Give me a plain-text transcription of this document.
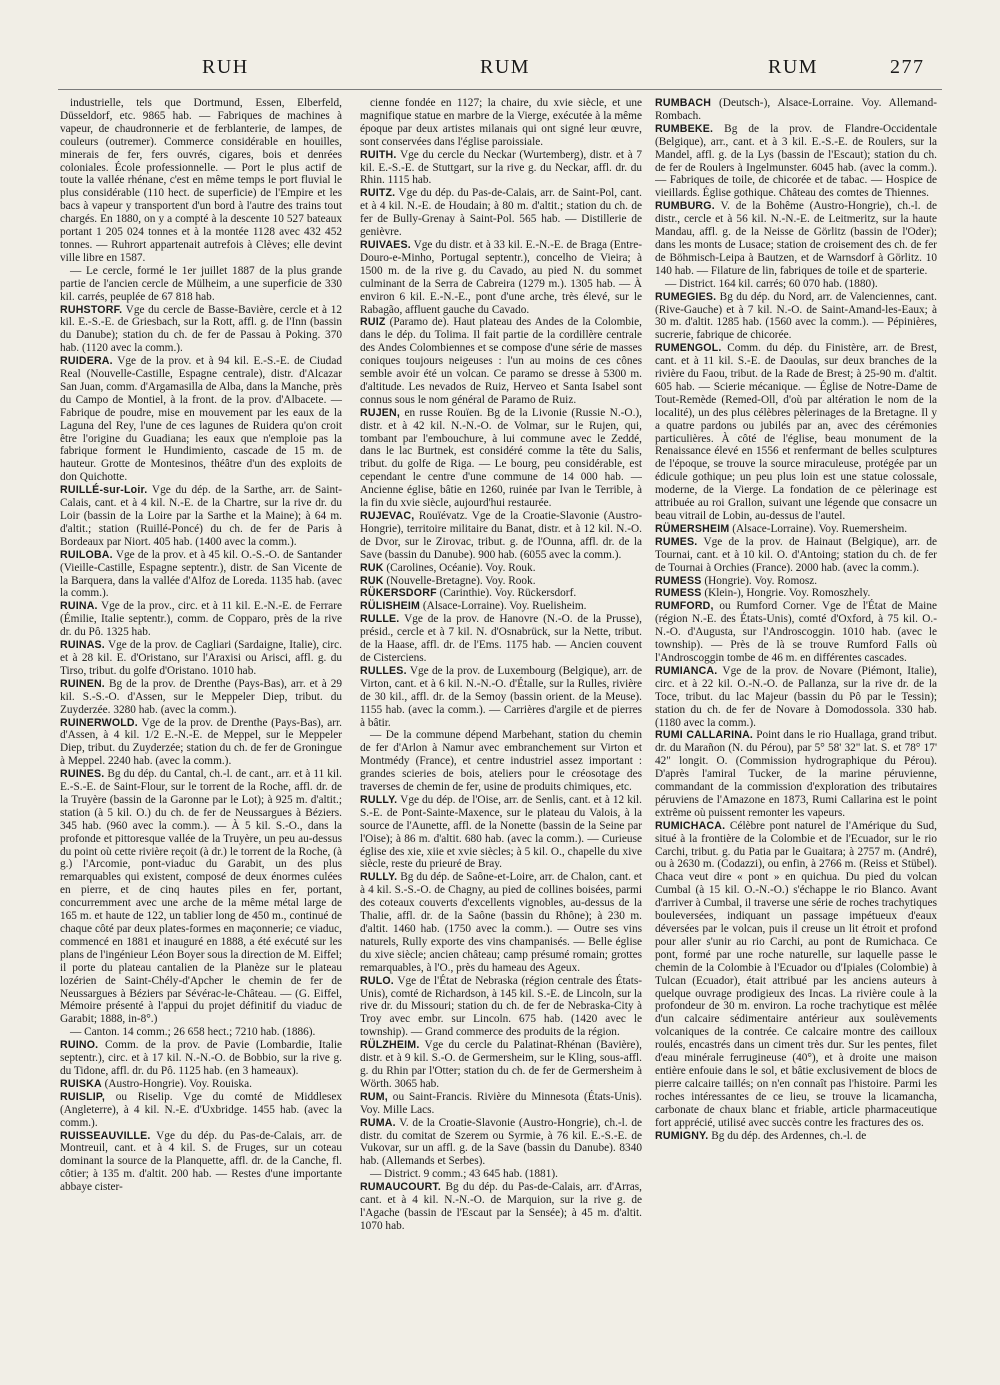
RUH	RUM	RUM	277

industrielle, tels que Dortmund, Essen, Elberfeld, Düsseldorf, etc. 9865 hab. — Fabriques de machines à vapeur, de chaudronnerie et de ferblanterie, de lampes, de couleurs (outremer). Commerce considérable en houilles, minerais de fer, fers ouvrés, cigares, bois et denrées coloniales. École professionnelle. — Port le plus actif de toute la vallée rhénane, c'est en même temps le port fluvial le plus considérable (110 hect. de superficie) de l'Empire et les bacs à vapeur y transportent d'un bord à l'autre des trains tout chargés. En 1880, on y a compté à la descente 10 527 bateaux portant 1 205 024 tonnes et à la montée 1128 avec 432 452 tonnes. — Ruhrort appartenait autrefois à Clèves; elle devint ville libre en 1587.

— Le cercle, formé le 1er juillet 1887 de la plus grande partie de l'ancien cercle de Mülheim, a une superficie de 330 kil. carrés, peuplée de 67 818 hab.

RUHSTORF. Vge du cercle de Basse-Bavière, cercle et à 12 kil. E.-S.-E. de Griesbach, sur la Rott, affl. g. de l'Inn (bassin du Danube); station du ch. de fer de Passau à Poking. 370 hab. (1120 avec la comm.).

RUIDERA. Vge de la prov. et à 94 kil. E.-S.-E. de Ciudad Real (Nouvelle-Castille, Espagne centrale), distr. d'Alcazar San Juan, comm. d'Argamasilla de Alba, dans la Manche, près du Campo de Montiel, à la front. de la prov. d'Albacete. — Fabrique de poudre, mise en mouvement par les eaux de la Laguna del Rey, l'une de ces lagunes de Ruidera qu'on croit être l'origine du Guadiana; les eaux que n'emploie pas la fabrique forment le Hundimiento, cascade de 15 m. de hauteur. Grotte de Montesinos, théâtre d'un des exploits de don Quichotte.

RUILLÉ-sur-Loir. Vge du dép. de la Sarthe, arr. de Saint-Calais, cant. et à 4 kil. N.-E. de la Chartre, sur la rive dr. du Loir (bassin de la Loire par la Sarthe et la Maine); à 64 m. d'altit.; station (Ruillé-Poncé) du ch. de fer de Paris à Bordeaux par Niort. 405 hab. (1400 avec la comm.).

RUILOBA. Vge de la prov. et à 45 kil. O.-S.-O. de Santander (Vieille-Castille, Espagne septentr.), distr. de San Vicente de la Barquera, dans la vallée d'Alfoz de Loreda. 1135 hab. (avec la comm.).

RUINA. Vge de la prov., circ. et à 11 kil. E.-N.-E. de Ferrare (Émilie, Italie septentr.), comm. de Copparo, près de la rive dr. du Pô. 1325 hab.

RUINAS. Vge de la prov. de Cagliari (Sardaigne, Italie), circ. et à 28 kil. E. d'Oristano, sur l'Araxisi ou Arisci, affl. g. du Tirso, tribut. du golfe d'Oristano. 1010 hab.

RUINEN. Bg de la prov. de Drenthe (Pays-Bas), arr. et à 29 kil. S.-S.-O. d'Assen, sur le Meppeler Diep, tribut. du Zuyderzée. 3280 hab. (avec la comm.).

RUINERWOLD. Vge de la prov. de Drenthe (Pays-Bas), arr. d'Assen, à 4 kil. 1/2 E.-N.-E. de Meppel, sur le Meppeler Diep, tribut. du Zuyderzée; station du ch. de fer de Groningue à Meppel. 2240 hab. (avec la comm.).

RUINES. Bg du dép. du Cantal, ch.-l. de cant., arr. et à 11 kil. E.-S.-E. de Saint-Flour, sur le torrent de la Roche, affl. dr. de la Truyère (bassin de la Garonne par le Lot); à 925 m. d'altit.; station (à 5 kil. O.) du ch. de fer de Neussargues à Béziers. 345 hab. (960 avec la comm.). — À 5 kil. S.-O., dans la profonde et pittoresque vallée de la Truyère, un peu au-dessus du point où cette rivière reçoit (à dr.) le torrent de la Roche, (à g.) l'Arcomie, pont-viaduc du Garabit, un des plus remarquables qui existent, composé de deux énormes culées en pierre, et de cinq hautes piles en fer, portant, concurremment avec une arche de la même métal large de 165 m. et haute de 122, un tablier long de 450 m., continué de chaque côté par deux plates-formes en maçonnerie; ce viaduc, commencé en 1881 et inauguré en 1888, a été exécuté sur les plans de l'ingénieur Léon Boyer sous la direction de M. Eiffel; il porte du plateau cantalien de la Planèze sur le plateau lozérien de Saint-Chély-d'Apcher le chemin de fer de Neussargues à Béziers par Sévérac-le-Château. — (G. Eiffel, Mémoire présenté à l'appui du projet définitif du viaduc de Garabit; 1888, in-8°.)

— Canton. 14 comm.; 26 658 hect.; 7210 hab. (1886).

RUINO. Comm. de la prov. de Pavie (Lombardie, Italie septentr.), circ. et à 17 kil. N.-N.-O. de Bobbio, sur la rive g. du Tidone, affl. dr. du Pô. 1125 hab. (en 3 hameaux).

RUISKA (Austro-Hongrie). Voy. Rouiska.

RUISLIP, ou Riselip. Vge du comté de Middlesex (Angleterre), à 4 kil. N.-E. d'Uxbridge. 1455 hab. (avec la comm.).

RUISSEAUVILLE. Vge du dép. du Pas-de-Calais, arr. de Montreuil, cant. et à 4 kil. S. de Fruges, sur un coteau dominant la source de la Planquette, affl. dr. de la Canche, fl. côtier; à 135 m. d'altit. 200 hab. — Restes d'une importante abbaye cister-

cienne fondée en 1127; la chaire, du xvie siècle, et une magnifique statue en marbre de la Vierge, exécutée à la même époque par deux artistes milanais qui ont signé leur œuvre, sont conservées dans l'église paroissiale.

RUITH. Vge du cercle du Neckar (Wurtemberg), distr. et à 7 kil. E.-S.-E. de Stuttgart, sur la rive g. du Neckar, affl. dr. du Rhin. 1115 hab.

RUITZ. Vge du dép. du Pas-de-Calais, arr. de Saint-Pol, cant. et à 4 kil. N.-E. de Houdain; à 80 m. d'altit.; station du ch. de fer de Bully-Grenay à Saint-Pol. 565 hab. — Distillerie de genièvre.

RUIVAES. Vge du distr. et à 33 kil. E.-N.-E. de Braga (Entre-Douro-e-Minho, Portugal septentr.), concelho de Vieira; à 1500 m. de la rive g. du Cavado, au pied N. du sommet culminant de la Serra de Cabreira (1279 m.). 1305 hab. — À environ 6 kil. E.-N.-E., pont d'une arche, très élevé, sur le Rabagão, affluent gauche du Cavado.

RUIZ (Paramo de). Haut plateau des Andes de la Colombie, dans le dép. du Tolima. Il fait partie de la cordillère centrale des Andes Colombiennes et se compose d'une série de masses coniques toujours neigeuses : l'un au moins de ces cônes semble avoir été un volcan. Ce paramo se dresse à 5300 m. d'altitude. Les nevados de Ruiz, Herveo et Santa Isabel sont connus sous le nom général de Paramo de Ruiz.

RUJEN, en russe Rouïen. Bg de la Livonie (Russie N.-O.), distr. et à 42 kil. N.-N.-O. de Volmar, sur le Rujen, qui, tombant par l'embouchure, à lui commune avec le Zeddé, dans le lac Burtnek, est considéré comme la tête du Salis, tribut. du golfe de Riga. — Le bourg, peu considérable, est cependant le centre d'une commune de 14 000 hab. — Ancienne église, bâtie en 1260, ruinée par Ivan le Terrible, à la fin du xvie siècle, aujourd'hui restaurée.

RUJEVAC, Rouïévatz. Vge de la Croatie-Slavonie (Austro-Hongrie), territoire militaire du Banat, distr. et à 12 kil. N.-O. de Dvor, sur le Zirovac, tribut. g. de l'Ounna, affl. dr. de la Save (bassin du Danube). 900 hab. (6055 avec la comm.).

RUK (Carolines, Océanie). Voy. Rouk.

RUK (Nouvelle-Bretagne). Voy. Rook.

RÜKERSDORF (Carinthie). Voy. Rückersdorf.

RÜLISHEIM (Alsace-Lorraine). Voy. Ruelisheim.

RULLE. Vge de la prov. de Hanovre (N.-O. de la Prusse), présid., cercle et à 7 kil. N. d'Osnabrück, sur la Nette, tribut. de la Haase, affl. dr. de l'Ems. 1175 hab. — Ancien couvent de Cisterciens.

RULLES. Vge de la prov. de Luxembourg (Belgique), arr. de Virton, cant. et à 6 kil. N.-N.-O. d'Étalle, sur la Rulles, rivière de 30 kil., affl. dr. de la Semoy (bassin orient. de la Meuse). 1155 hab. (avec la comm.). — Carrières d'argile et de pierres à bâtir.

— De la commune dépend Marbehant, station du chemin de fer d'Arlon à Namur avec embranchement sur Virton et Montmédy (France), et centre industriel assez important : grandes scieries de bois, ateliers pour le créosotage des traverses de chemin de fer, usine de produits chimiques, etc.

RULLY. Vge du dép. de l'Oise, arr. de Senlis, cant. et à 12 kil. S.-E. de Pont-Sainte-Maxence, sur le plateau du Valois, à la source de l'Aunette, affl. de la Nonette (bassin de la Seine par l'Oise); à 86 m. d'altit. 680 hab. (avec la comm.). — Curieuse église des xie, xiie et xvie siècles; à 5 kil. O., chapelle du xive siècle, reste du prieuré de Bray.

RULLY. Bg du dép. de Saône-et-Loire, arr. de Chalon, cant. et à 4 kil. S.-S.-O. de Chagny, au pied de collines boisées, parmi des coteaux couverts d'excellents vignobles, au-dessus de la Thalie, affl. dr. de la Saône (bassin du Rhône); à 230 m. d'altit. 1460 hab. (1750 avec la comm.). — Outre ses vins naturels, Rully exporte des vins champanisés. — Belle église du xive siècle; ancien château; camp présumé romain; grottes remarquables, à l'O., près du hameau des Ageux.

RULO. Vge de l'État de Nebraska (région centrale des États-Unis), comté de Richardson, à 145 kil. S.-E. de Lincoln, sur la rive dr. du Missouri; station du ch. de fer de Nebraska-City à Troy avec embr. sur Lincoln. 675 hab. (1420 avec le township). — Grand commerce des produits de la région.

RÜLZHEIM. Vge du cercle du Palatinat-Rhénan (Bavière), distr. et à 9 kil. S.-O. de Germersheim, sur le Kling, sous-affl. g. du Rhin par l'Otter; station du ch. de fer de Germersheim à Wörth. 3065 hab.

RUM, ou Saint-Francis. Rivière du Minnesota (États-Unis). Voy. Mille Lacs.

RUMA. V. de la Croatie-Slavonie (Austro-Hongrie), ch.-l. de distr. du comitat de Szerem ou Syrmie, à 76 kil. E.-S.-E. de Vukovar, sur un affl. g. de la Save (bassin du Danube). 8340 hab. (Allemands et Serbes).

— District. 9 comm.; 43 645 hab. (1881).

RUMAUCOURT. Bg du dép. du Pas-de-Calais, arr. d'Arras, cant. et à 4 kil. N.-N.-O. de Marquion, sur la rive g. de l'Agache (bassin de l'Escaut par la Sensée); à 45 m. d'altit. 1070 hab.

RUMBACH (Deutsch-), Alsace-Lorraine. Voy. Allemand-Rombach.

RUMBEKE. Bg de la prov. de Flandre-Occidentale (Belgique), arr., cant. et à 3 kil. E.-S.-E. de Roulers, sur la Mandel, affl. g. de la Lys (bassin de l'Escaut); station du ch. de fer de Roulers à Ingelmunster. 6045 hab. (avec la comm.). — Fabriques de toile, de chicorée et de tabac. — Hospice de vieillards. Église gothique. Château des comtes de Thiennes.

RUMBURG. V. de la Bohême (Austro-Hongrie), ch.-l. de distr., cercle et à 56 kil. N.-N.-E. de Leitmeritz, sur la haute Mandau, affl. g. de la Neisse de Görlitz (bassin de l'Oder); dans les monts de Lusace; station de croisement des ch. de fer de Böhmisch-Leipa à Bautzen, et de Warnsdorf à Görlitz. 10 140 hab. — Filature de lin, fabriques de toile et de sparterie.

— District. 164 kil. carrés; 60 070 hab. (1880).

RUMEGIES. Bg du dép. du Nord, arr. de Valenciennes, cant. (Rive-Gauche) et à 7 kil. N.-O. de Saint-Amand-les-Eaux; à 30 m. d'altit. 1285 hab. (1560 avec la comm.). — Pépinières, sucrerie, fabrique de chicorée.

RUMENGOL. Comm. du dép. du Finistère, arr. de Brest, cant. et à 11 kil. S.-E. de Daoulas, sur deux branches de la rivière du Faou, tribut. de la Rade de Brest; à 25-90 m. d'altit. 605 hab. — Scierie mécanique. — Église de Notre-Dame de Tout-Remède (Remed-Oll, d'où par altération le nom de la localité), un des plus célèbres pèlerinages de la Bretagne. Il y a quatre pardons ou jubilés par an, avec des cérémonies particulières. À côté de l'église, beau monument de la Renaissance élevé en 1556 et renfermant de belles sculptures de l'époque, se trouve la source miraculeuse, protégée par un édicule gothique; un peu plus loin est une statue colossale, moderne, de la Vierge. La fondation de ce pèlerinage est attribuée au roi Grallon, suivant une légende que consacre un beau vitrail de Lobin, au-dessus de l'autel.

RÜMERSHEIM (Alsace-Lorraine). Voy. Ruemersheim.

RUMES. Vge de la prov. de Hainaut (Belgique), arr. de Tournai, cant. et à 10 kil. O. d'Antoing; station du ch. de fer de Tournai à Orchies (France). 2000 hab. (avec la comm.).

RUMESS (Hongrie). Voy. Romosz.

RUMESS (Klein-), Hongrie. Voy. Romoszhely.

RUMFORD, ou Rumford Corner. Vge de l'État de Maine (région N.-E. des États-Unis), comté d'Oxford, à 75 kil. O.-N.-O. d'Augusta, sur l'Androscoggin. 1010 hab. (avec le township). — Près de là se trouve Rumford Falls où l'Androscoggin tombe de 46 m. en différentes cascades.

RUMIANCA. Vge de la prov. de Novare (Piémont, Italie), circ. et à 22 kil. O.-N.-O. de Pallanza, sur la rive dr. de la Toce, tribut. du lac Majeur (bassin du Pô par le Tessin); station du ch. de fer de Novare à Domodossola. 330 hab. (1180 avec la comm.).

RUMI CALLARINA. Point dans le rio Huallaga, grand tribut. dr. du Marañon (N. du Pérou), par 5° 58' 32" lat. S. et 78° 17' 42" longit. O. (Commission hydrographique du Pérou). D'après l'amiral Tucker, de la marine péruvienne, commandant de la commission d'exploration des tributaires péruviens de l'Amazone en 1873, Rumi Callarina est le point extrême où puissent remonter les vapeurs.

RUMICHACA. Célèbre pont naturel de l'Amérique du Sud, situé à la frontière de la Colombie et de l'Ecuador, sur le rio Carchi, tribut. g. du Patia par le Guaitara; à 2757 m. (André), ou à 2630 m. (Codazzi), ou enfin, à 2766 m. (Reiss et Stübel). Chaca veut dire « pont » en quichua. Du pied du volcan Cumbal (à 15 kil. O.-N.-O.) s'échappe le rio Blanco. Avant d'arriver à Cumbal, il traverse une série de roches trachytiques bouleversées, indiquant un passage impétueux d'eaux déversées par le volcan, puis il creuse un lit étroit et profond pour aller s'unir au rio Carchi, au pont de Rumichaca. Ce pont, formé par une roche naturelle, sur laquelle passe le chemin de la Colombie à l'Ecuador ou d'Ipiales (Colombie) à Tulcan (Ecuador), était attribué par les anciens auteurs à quelque ouvrage prodigieux des Incas. La rivière coule à la profondeur de 30 m. environ. La roche trachytique est mêlée d'un calcaire sédimentaire antérieur aux soulèvements volcaniques de la contrée. Ce calcaire montre des cailloux roulés, encastrés dans un ciment très dur. Sur les pentes, filet d'eau minérale ferrugineuse (40°), et à droite une maison entière enfouie dans le sol, et bâtie exclusivement de blocs de pierre calcaire taillés; on n'en connaît pas l'histoire. Parmi les roches intéressantes de ce lieu, se trouve la licamancha, carbonate de chaux blanc et friable, article pharmaceutique fort apprécié, utilisé avec succès contre les fractures des os.

RUMIGNY. Bg du dép. des Ardennes, ch.-l. de
